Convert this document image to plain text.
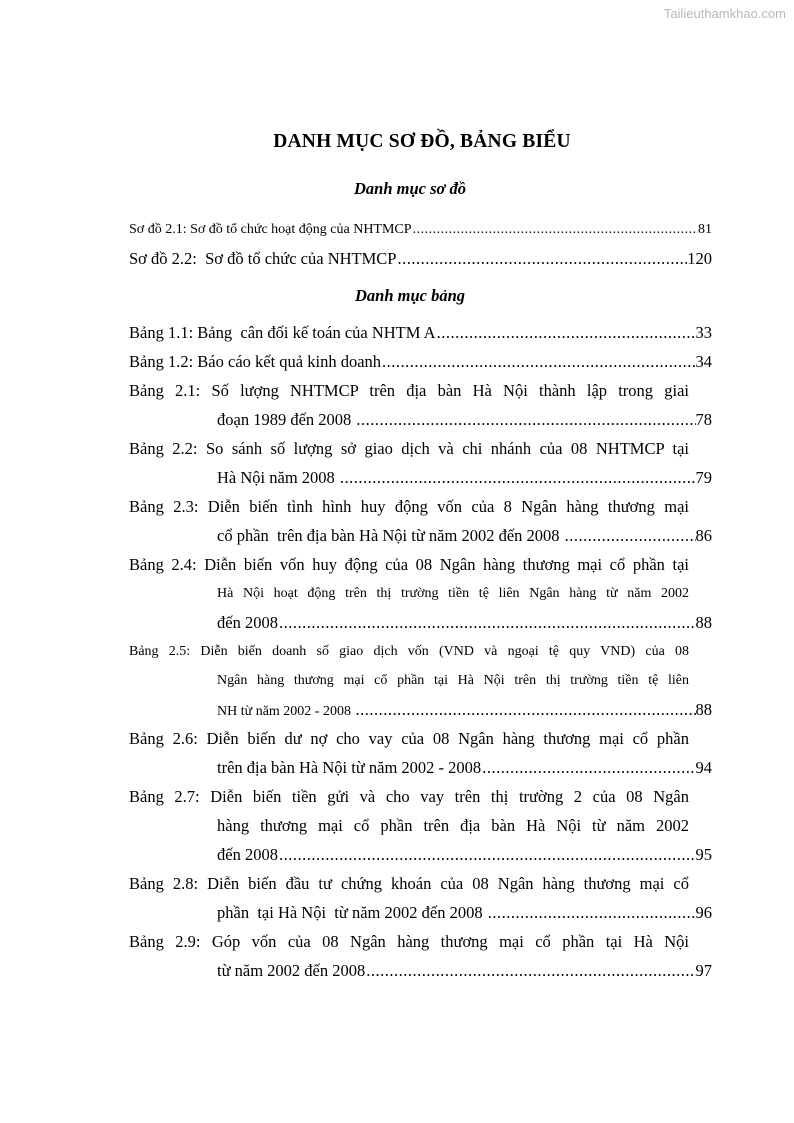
Tailieuthamkhao.com
DANH MỤC SƠ ĐỒ, BẢNG BIỂU
Danh mục sơ đồ
Sơ đồ 2.1: Sơ đồ tổ chức hoạt động của NHTMCP .....	81
Sơ đồ 2.2:  Sơ đồ tổ chức của NHTMCP .....	120
Danh mục bảng
Bảng 1.1: Bảng  cân đối kế toán của NHTM A .....	33
Bảng 1.2: Báo cáo kết quả kinh doanh .....	34
Bảng 2.1: Số lượng NHTMCP trên địa bàn Hà Nội thành lập trong giai
đoạn 1989 đến 2008 .....	78
Bảng 2.2: So sánh số lượng sở giao dịch và chi nhánh của 08 NHTMCP tại
Hà Nội năm 2008 .....	79
Bảng 2.3: Diễn biến tình hình huy động vốn của 8 Ngân hàng thương mại
cổ phần  trên địa bàn Hà Nội từ năm 2002 đến 2008 .....	86
Bảng 2.4: Diễn biến vốn huy động của 08 Ngân hàng thương mại cổ phần tại
Hà Nội hoạt động trên thị trường tiền tệ liên Ngân hàng từ năm 2002
đến 2008 .....	88
Bảng 2.5: Diễn biến doanh số giao dịch vốn (VND và ngoại tệ quy VND) của 08
Ngân hàng thương mại cổ phần tại Hà Nội trên thị trường tiền tệ liên
NH từ năm 2002 - 2008 .....	88
Bảng 2.6: Diễn biến dư nợ cho vay của 08 Ngân hàng thương mại cổ phần
trên địa bàn Hà Nội từ năm 2002 - 2008 .....	94
Bảng 2.7: Diễn biến tiền gửi và cho vay trên thị trường 2 của 08 Ngân
hàng thương mại cổ phần trên địa bàn Hà Nội từ năm 2002
đến 2008 .....	95
Bảng 2.8: Diễn biến đầu tư chứng khoán của 08 Ngân hàng thương mại cổ
phần  tại Hà Nội  từ năm 2002 đến 2008 .....	96
Bảng 2.9: Góp vốn của 08 Ngân hàng thương mại cổ phần tại Hà Nội
từ năm 2002 đến 2008 .....	97
